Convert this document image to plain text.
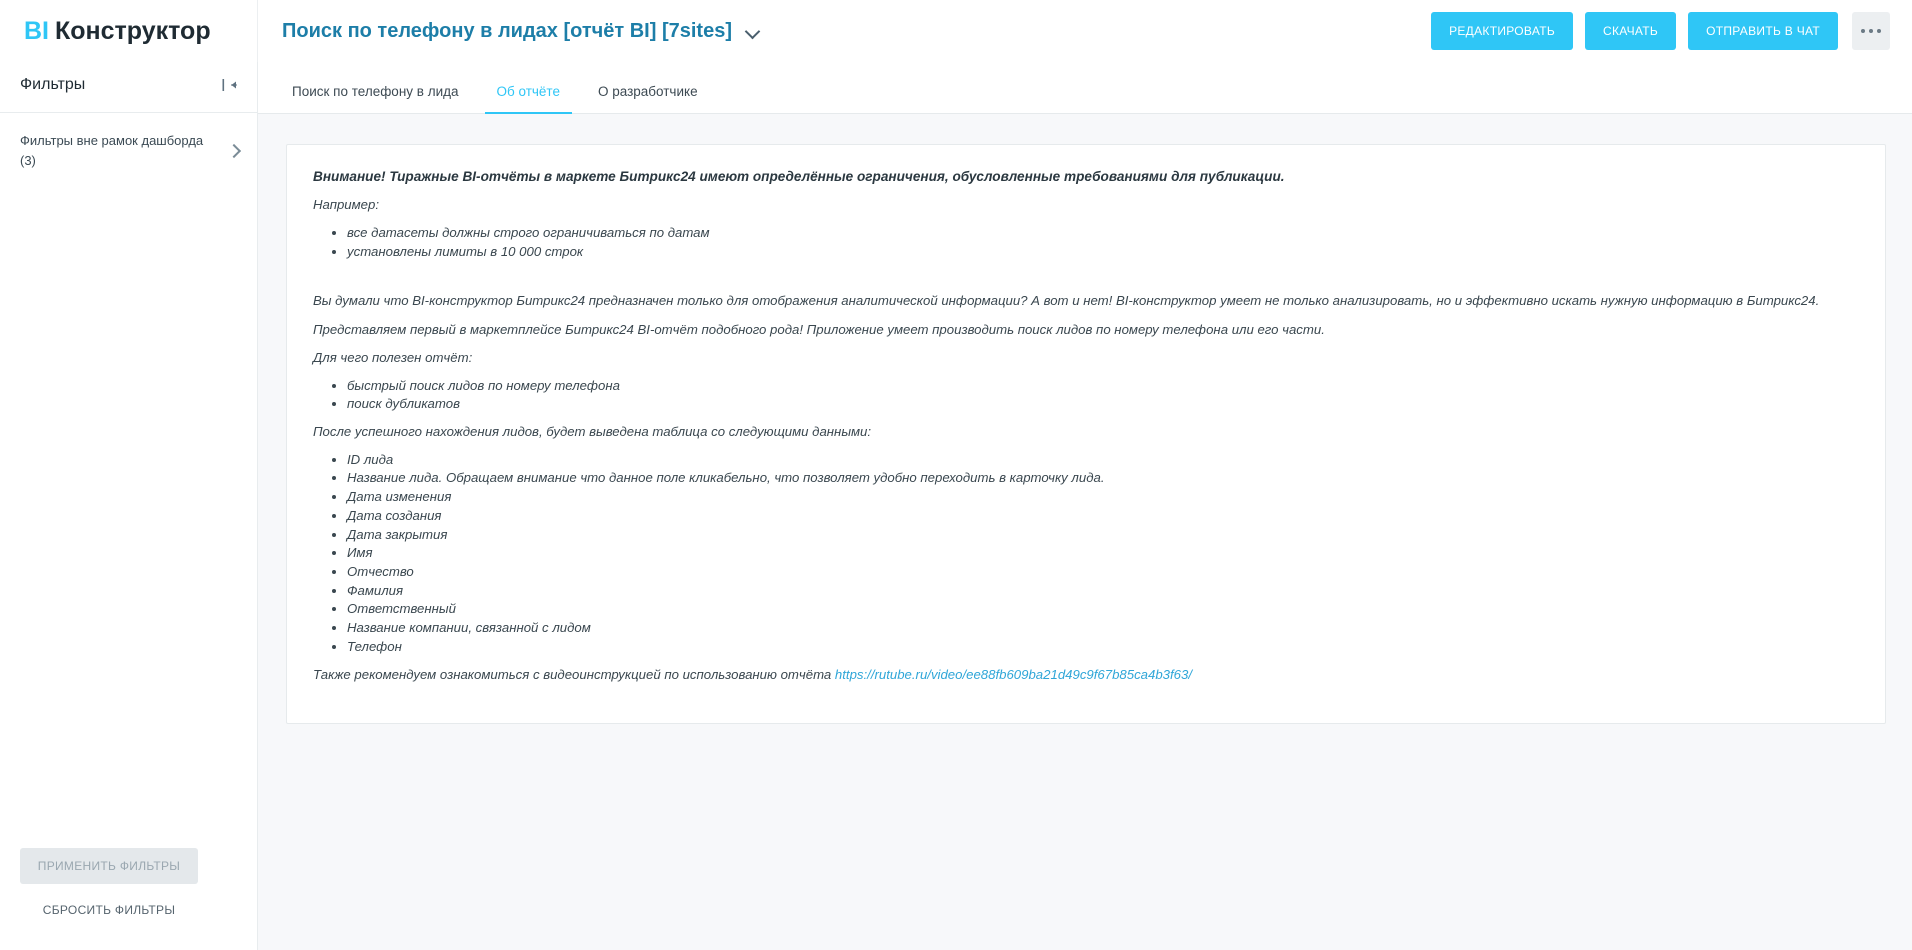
BI Конструктор	Поиск по телефону в лидах [отчёт BI] [7sites]	РЕДАКТИРОВАТЬ	СКАЧАТЬ	ОТПРАВИТЬ В ЧАТ
Фильтры
Фильтры вне рамок дашборда (3)
ПРИМЕНИТЬ ФИЛЬТРЫ СБРОСИТЬ ФИЛЬТРЫ
Поиск по телефону в лида	Об отчёте	О разработчике

Внимание! Тиражные BI-отчёты в маркете Битрикс24 имеют определённые ограничения, обусловленные требованиями для публикации.

Например:

• все датасеты должны строго ограничиваться по датам
• установлены лимиты в 10 000 строк

Вы думали что BI-конструктор Битрикс24 предназначен только для отображения аналитической информации? А вот и нет! BI-конструктор умеет не только анализировать, но и эффективно искать нужную информацию в Битрикс24.

Представляем первый в маркетплейсе Битрикс24 BI-отчёт подобного рода! Приложение умеет производить поиск лидов по номеру телефона или его части.

Для чего полезен отчёт:

• быстрый поиск лидов по номеру телефона
• поиск дубликатов

После успешного нахождения лидов, будет выведена таблица со следующими данными:

• ID лида
• Название лида. Обращаем внимание что данное поле кликабельно, что позволяет удобно переходить в карточку лида.
• Дата изменения
• Дата создания
• Дата закрытия
• Имя
• Отчество
• Фамилия
• Ответственный
• Название компании, связанной с лидом
• Телефон

Также рекомендуем ознакомиться с видеоинструкцией по использованию отчёта https://rutube.ru/video/ee88fb609ba21d49c9f67b85ca4b3f63/
